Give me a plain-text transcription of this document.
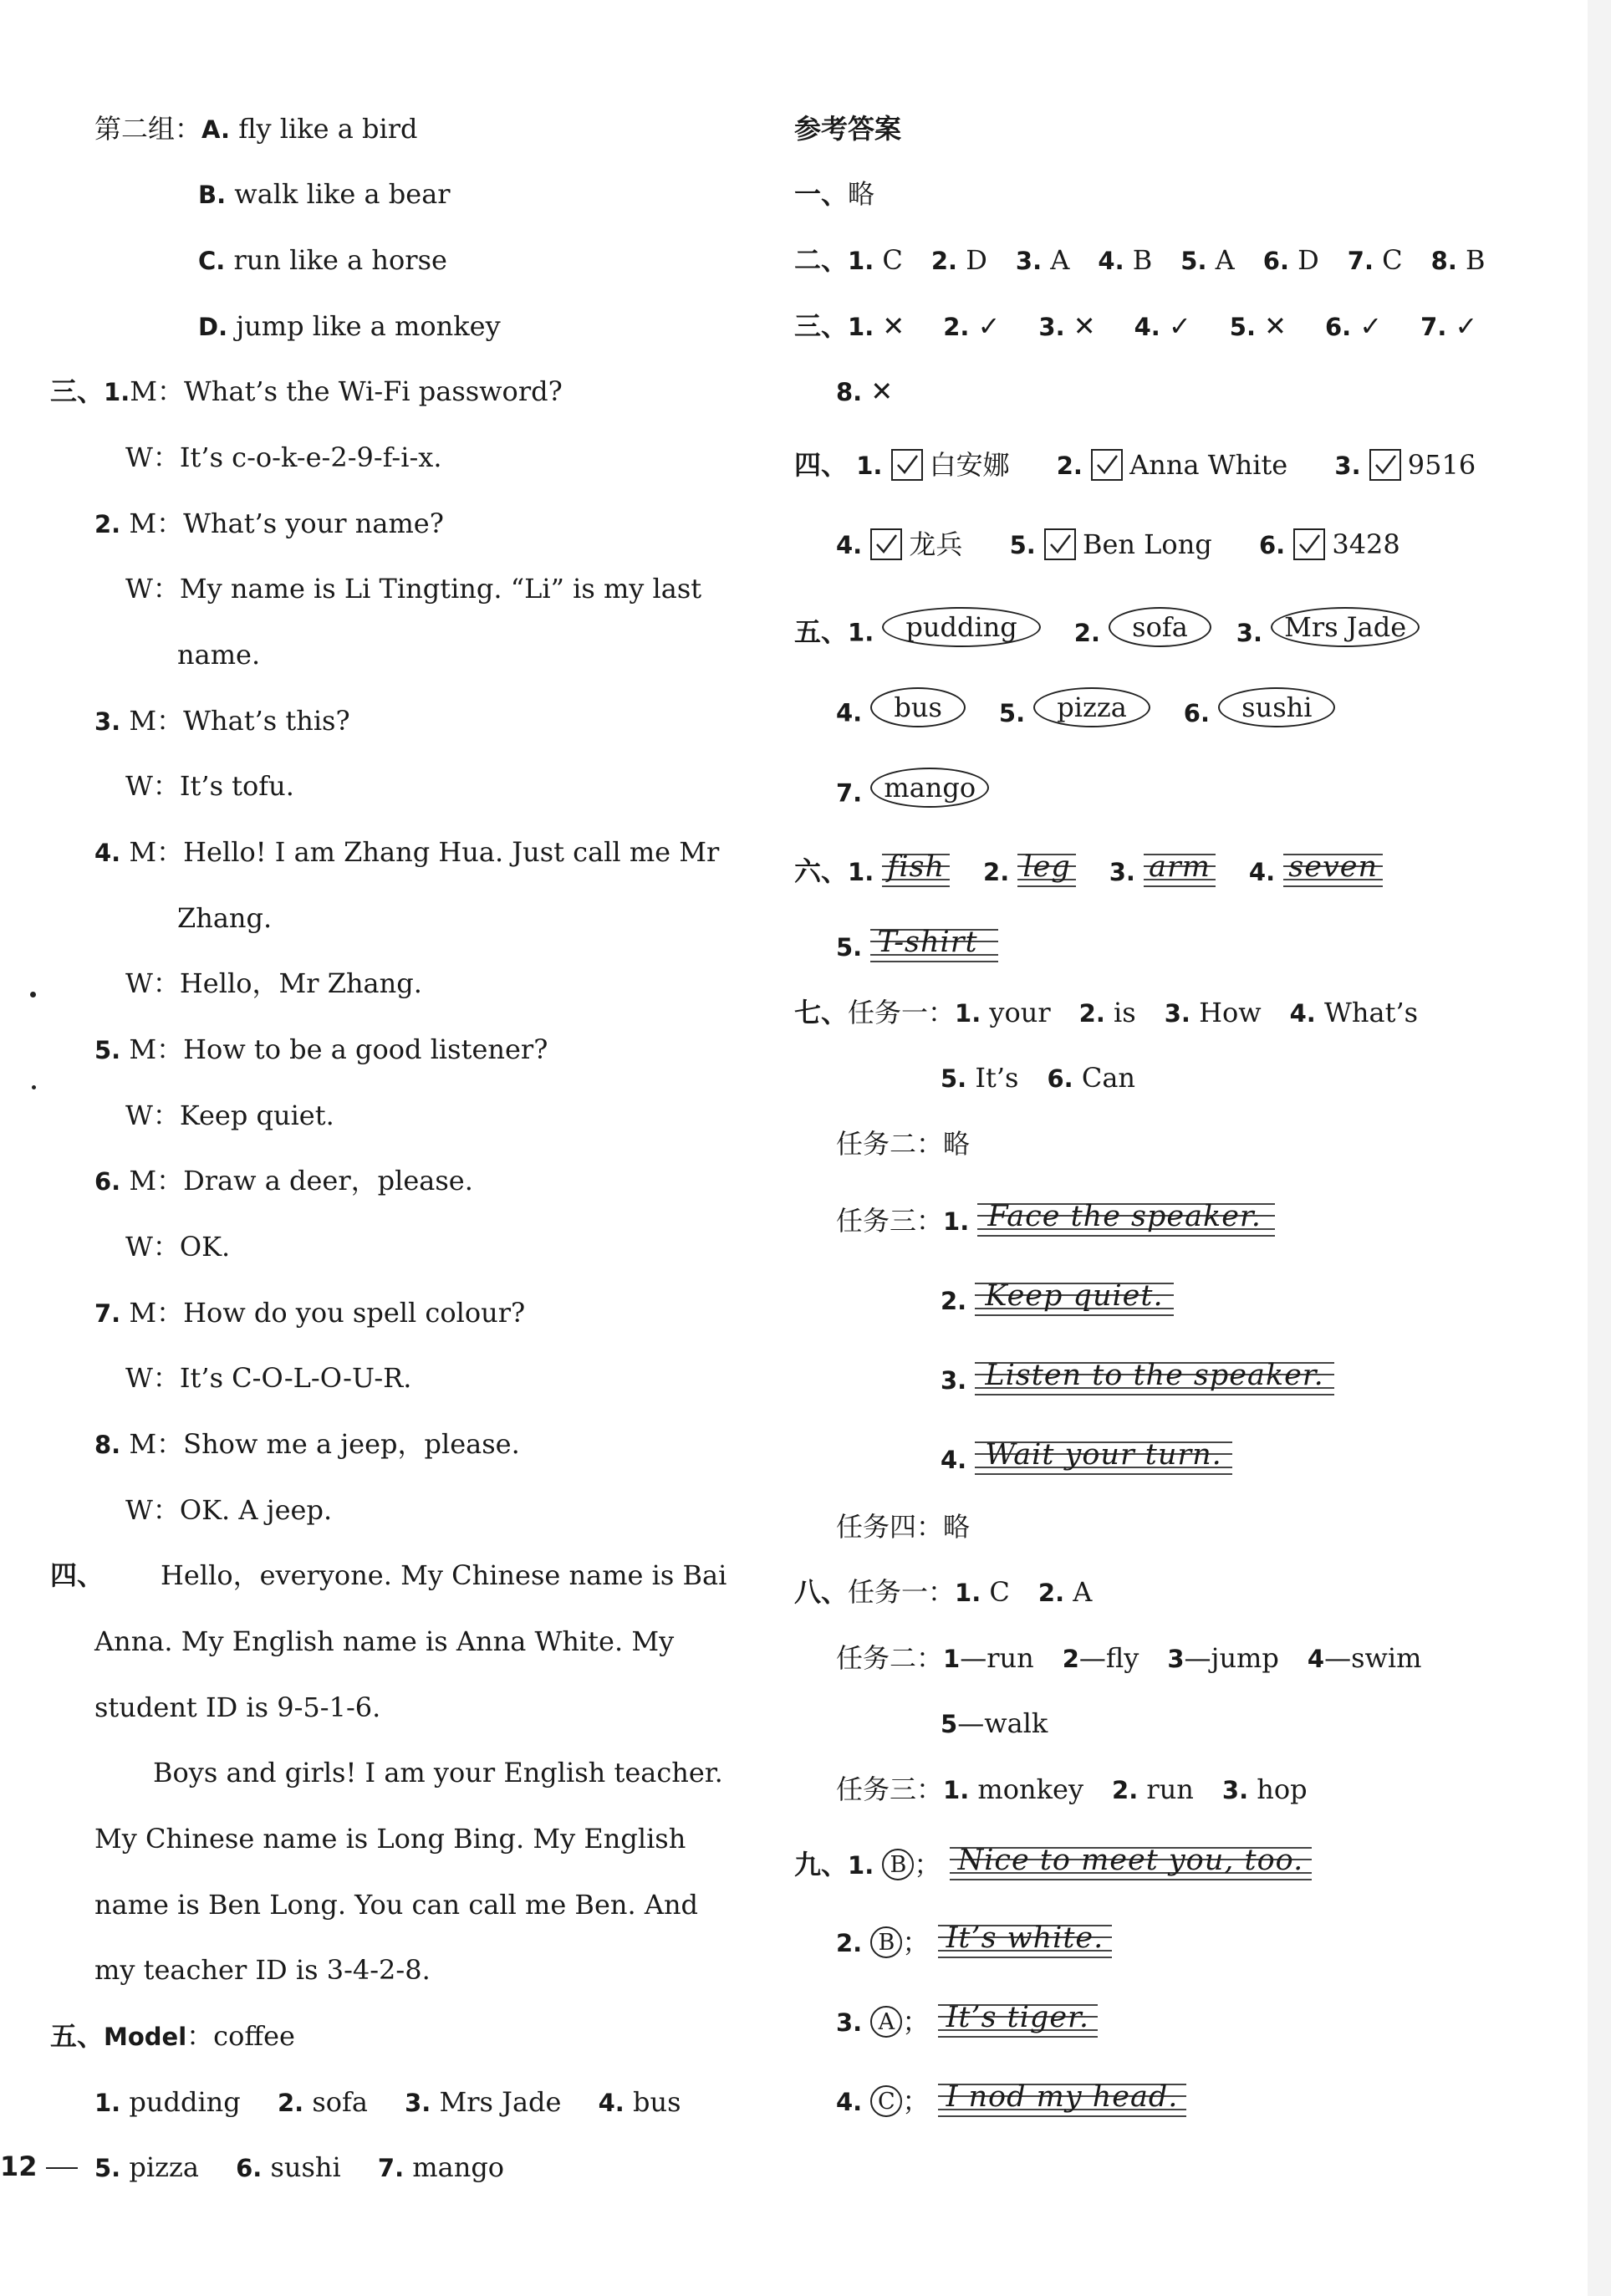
第二组：A. fly like a bird
B. walk like a bear
C. run like a horse
D. jump like a monkey
三、1.M：What’s the Wi-Fi password?
W：It’s c-o-k-e-2-9-f-i-x.
2. M：What’s your name?
W：My name is Li Tingting. “Li” is my last
name.
3. M：What’s this?
W：It’s tofu.
4. M：Hello! I am Zhang Hua. Just call me Mr
Zhang.
W：Hello，Mr Zhang.
5. M：How to be a good listener?
W：Keep quiet.
6. M：Draw a deer，please.
W：OK.
7. M：How do you spell colour?
W：It’s C-O-L-O-U-R.
8. M：Show me a jeep，please.
W：OK. A jeep.
四、 Hello，everyone. My Chinese name is Bai
Anna. My English name is Anna White. My
student ID is 9-5-1-6.
Boys and girls! I am your English teacher.
My Chinese name is Long Bing. My English
name is Ben Long. You can call me Ben. And
my teacher ID is 3-4-2-8.
五、Model：coffee
1. pudding 2. sofa 3. Mrs Jade 4. bus
5. pizza 6. sushi 7. mango
12
参考答案
一、略
二、1. C 2. D 3. A 4. B 5. A 6. D 7. C 8. B
三、1. ✕ 2. ✓ 3. ✕ 4. ✓ 5. ✕ 6. ✓ 7. ✓
8. ✕
四、 1. 白安娜 2. Anna White 3. 9516
4. 龙兵 5. Ben Long 6. 3428
五、1. pudding 2. sofa 3. Mrs Jade
4. bus 5. pizza 6. sushi
7. mango
六、1. fish 2. leg 3. arm 4. seven
5. T-shirt
七、任务一：1. your 2. is 3. How 4. What’s
5. It’s 6. Can
任务二：略
任务三：1. Face the speaker.
2. Keep quiet.
3. Listen to the speaker.
4. Wait your turn.
任务四：略
八、任务一：1. C 2. A
任务二：1—run 2—fly 3—jump 4—swim
5—walk
任务三：1. monkey 2. run 3. hop
九、1. B ； Nice to meet you, too.
2. B ； It’s white.
3. A ； It’s tiger.
4. C ； I nod my head.
